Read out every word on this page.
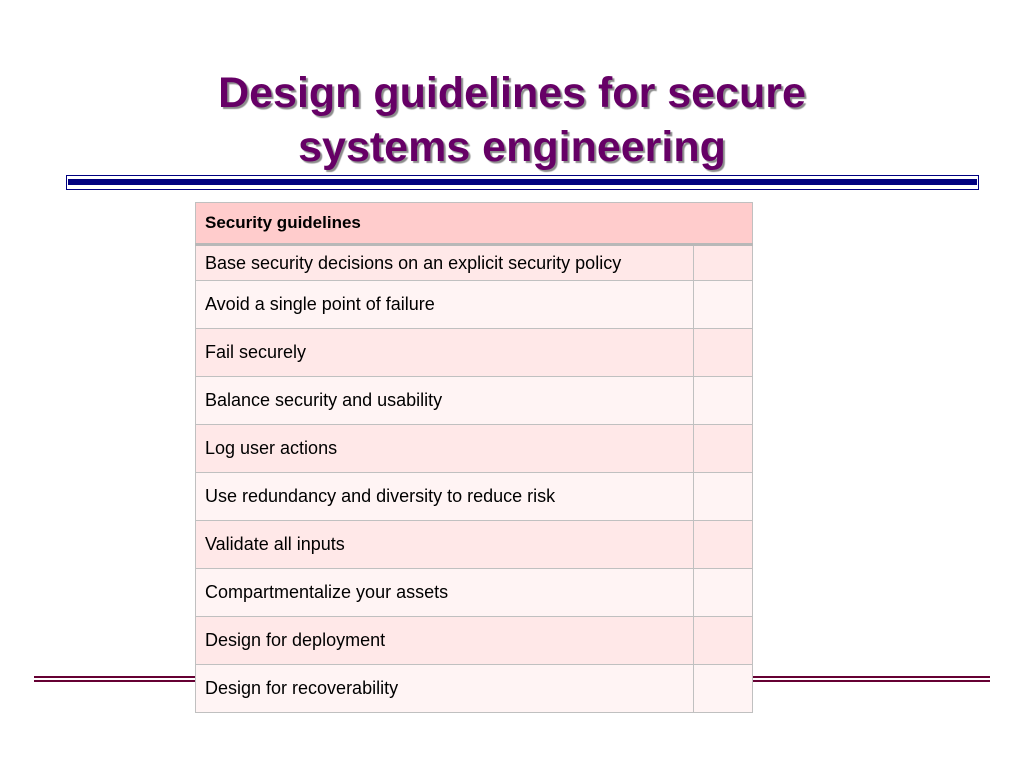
Design guidelines for secure
systems engineering
Security guidelines	
Base security decisions on an explicit security policy	
Avoid a single point of failure	
Fail securely	
Balance security and usability	
Log user actions	
Use redundancy and diversity to reduce risk	
Validate all inputs	
Compartmentalize your assets	
Design for deployment	
Design for recoverability	
